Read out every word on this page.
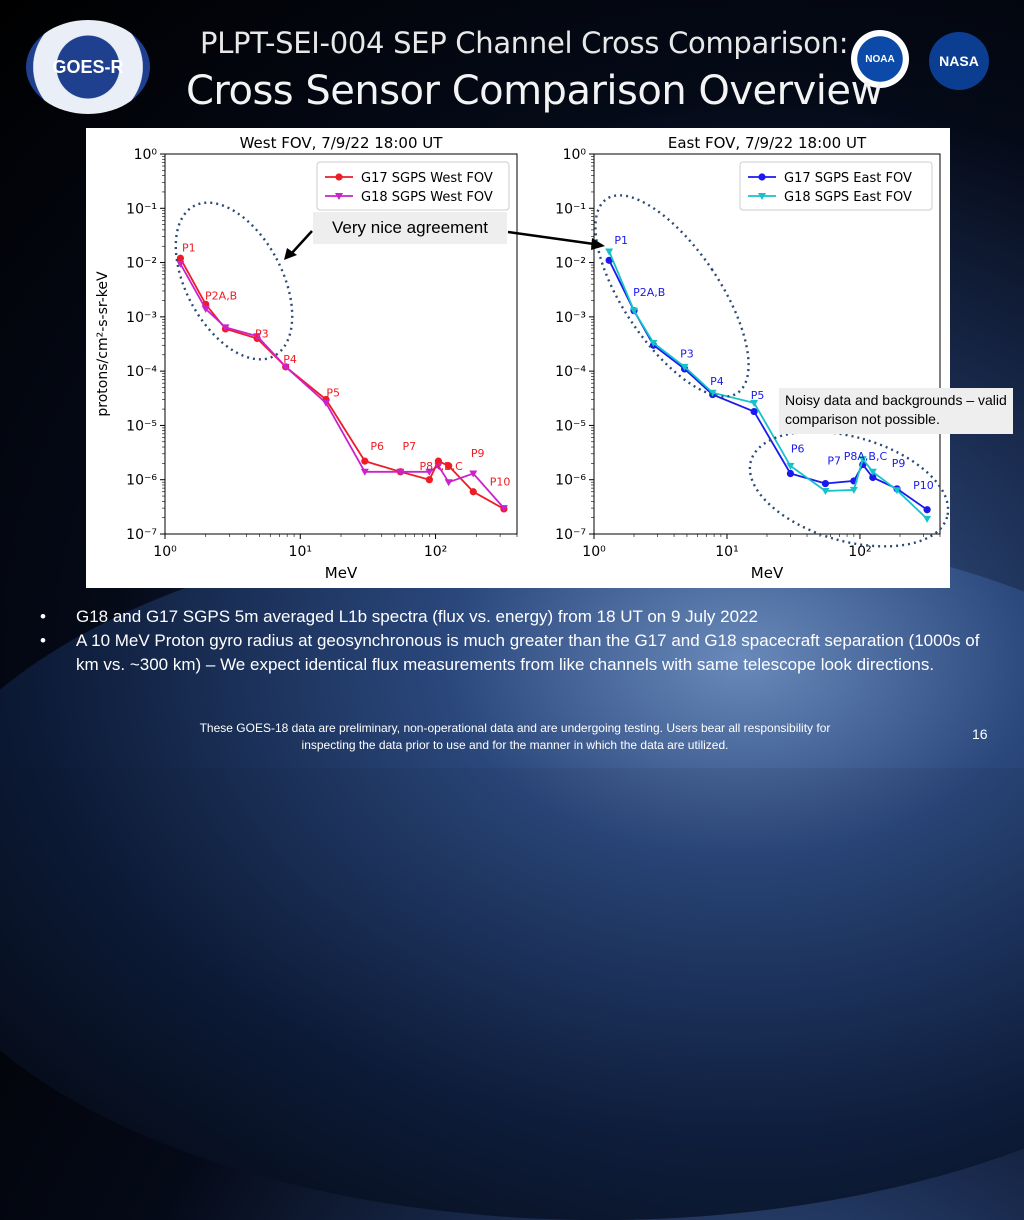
GOES-R	NOAA	NASA
PLPT-SEI-004 SEP Channel Cross Comparison:
Cross Sensor Comparison Overview
West FOV, 7/9/22 18:00 UT
MeV
protons/cm²-s-sr-keV
10⁻⁷
10⁻⁶
10⁻⁵
10⁻⁴
10⁻³
10⁻²
10⁻¹
10⁰
10⁰	10¹	10²
P1
P2A,B
P3
P4
P5
P6 P7
P8A,B,C
P9
P10
G17 SGPS West FOV
G18 SGPS West FOV
East FOV, 7/9/22 18:00 UT
MeV
10⁻⁷
10⁻⁶
10⁻⁵
10⁻⁴
10⁻³
10⁻²
10⁻¹
10⁰
10⁰	10¹	10²
P1
P2A,B
P3
P4
P5
P6
P7 P8A,B,C
P9
P10
G17 SGPS East FOV
G18 SGPS East FOV
Very nice agreement
Noisy data and backgrounds – valid comparison not possible.
•	G18 and G17 SGPS 5m averaged L1b spectra (flux vs. energy) from 18 UT on 9 July 2022
•	A 10 MeV Proton gyro radius at geosynchronous is much greater than the G17 and G18 spacecraft separation (1000s of km vs. ~300 km) – We expect identical flux measurements from like channels with same telescope look directions.
These GOES-18 data are preliminary, non-operational data and are undergoing testing. Users bear all responsibility for inspecting the data prior to use and for the manner in which the data are utilized.
16
